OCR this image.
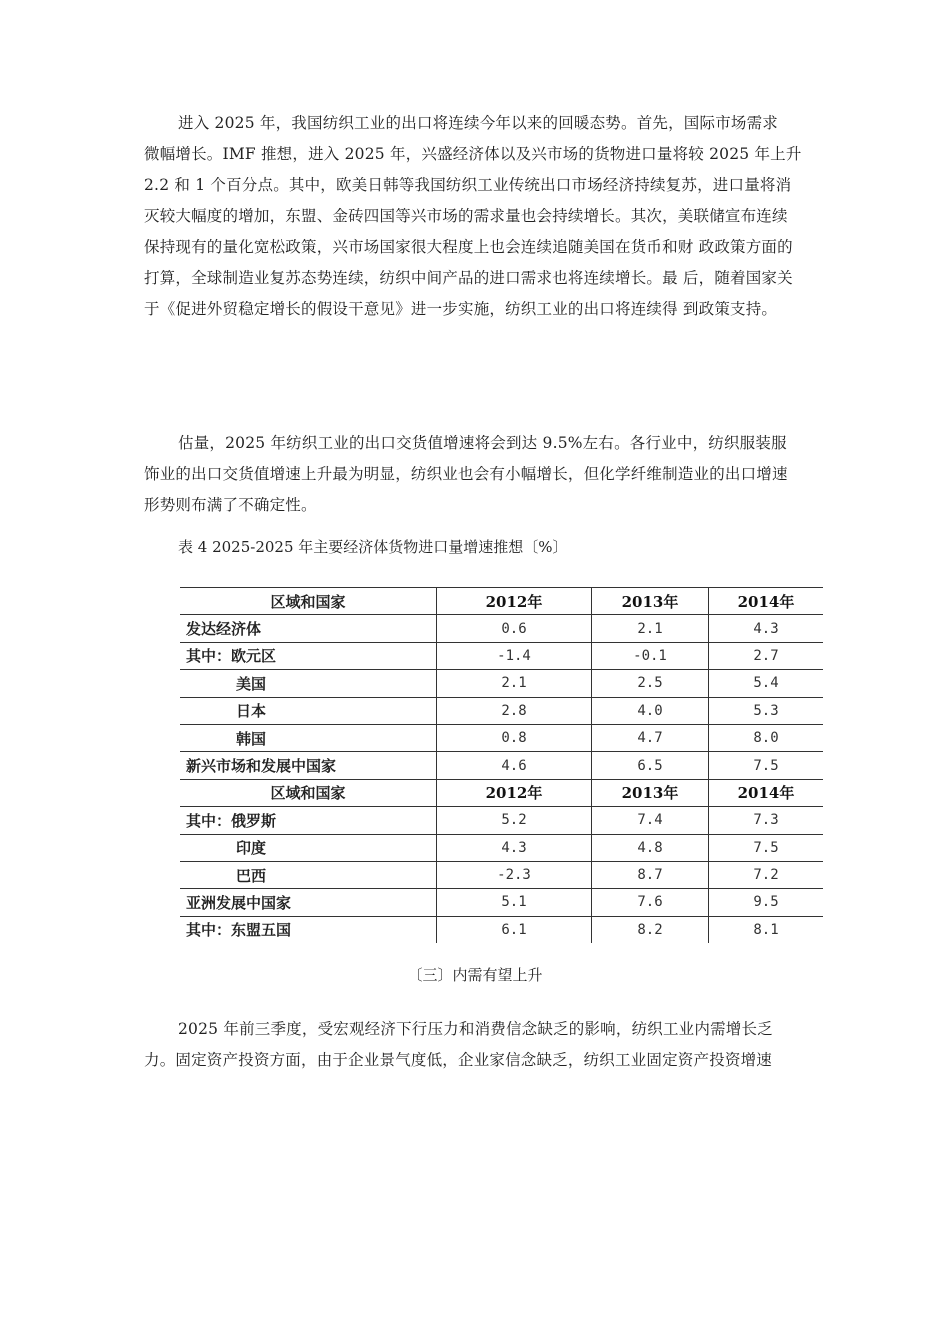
进入 2025 年，我国纺织工业的出口将连续今年以来的回暖态势。首先，国际市场需求
微幅增长。IMF 推想，进入 2025 年，兴盛经济体以及兴市场的货物进口量将较 2025 年上升
2.2 和 1 个百分点。其中，欧美日韩等我国纺织工业传统出口市场经济持续复苏，进口量将消
灭较大幅度的增加，东盟、金砖四国等兴市场的需求量也会持续增长。其次，美联储宣布连续
保持现有的量化宽松政策，兴市场国家很大程度上也会连续追随美国在货币和财 政政策方面的
打算，全球制造业复苏态势连续，纺织中间产品的进口需求也将连续增长。最 后，随着国家关
于《促进外贸稳定增长的假设干意见》进一步实施，纺织工业的出口将连续得 到政策支持。
估量，2025 年纺织工业的出口交货值增速将会到达 9.5%左右。各行业中，纺织服装服
饰业的出口交货值增速上升最为明显，纺织业也会有小幅增长，但化学纤维制造业的出口增速
形势则布满了不确定性。

表 4 2025-2025 年主要经济体货物进口量增速推想〔%〕

区域和国家	2012年	2013年	2014年
发达经济体	0.6	2.1	4.3
其中：欧元区	-1.4	-0.1	2.7
美国	2.1	2.5	5.4
日本	2.8	4.0	5.3
韩国	0.8	4.7	8.0
新兴市场和发展中国家	4.6	6.5	7.5
区域和国家	2012年	2013年	2014年
其中：俄罗斯	5.2	7.4	7.3
印度	4.3	4.8	7.5
巴西	-2.3	8.7	7.2
亚洲发展中国家	5.1	7.6	9.5
其中：东盟五国	6.1	8.2	8.1

〔三〕内需有望上升

2025 年前三季度，受宏观经济下行压力和消费信念缺乏的影响，纺织工业内需增长乏
力。固定资产投资方面，由于企业景气度低，企业家信念缺乏，纺织工业固定资产投资增速
